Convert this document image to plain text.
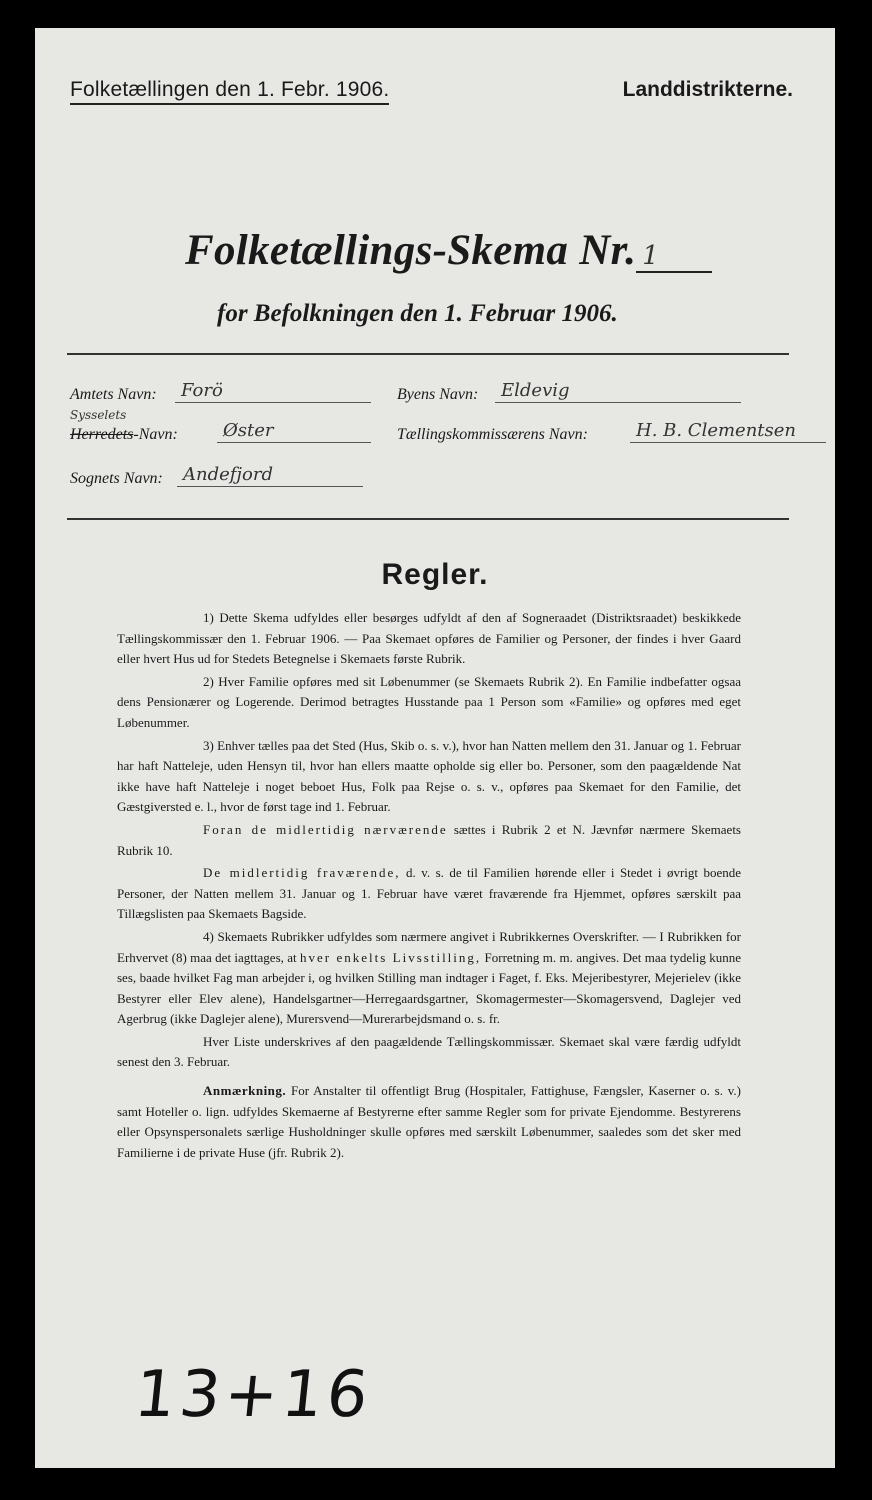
Folketællingen den 1. Febr. 1906.	Landdistrikterne.
Folketællings-Skema Nr. 1
for Befolkningen den 1. Februar 1906.
Amtets Navn:	Forö	Byens Navn:	Eldevig
Sysselets
Herredets-Navn:	Øster	Tællingskommissærens Navn:	H. B. Clementsen
Sognets Navn:	Andefjord
Regler.

1) Dette Skema udfyldes eller besørges udfyldt af den af Sogneraadet (Distriktsraadet) beskikkede Tællingskommissær den 1. Februar 1906. — Paa Skemaet opføres de Familier og Personer, der findes i hver Gaard eller hvert Hus ud for Stedets Betegnelse i Skemaets første Rubrik.

2) Hver Familie opføres med sit Løbenummer (se Skemaets Rubrik 2). En Familie indbefatter ogsaa dens Pensionærer og Logerende. Derimod betragtes Husstande paa 1 Person som «Familie» og opføres med eget Løbenummer.

3) Enhver tælles paa det Sted (Hus, Skib o. s. v.), hvor han Natten mellem den 31. Januar og 1. Februar har haft Natteleje, uden Hensyn til, hvor han ellers maatte opholde sig eller bo. Personer, som den paagældende Nat ikke have haft Natteleje i noget beboet Hus, Folk paa Rejse o. s. v., opføres paa Skemaet for den Familie, det Gæstgiversted e. l., hvor de først tage ind 1. Februar.

Foran de midlertidig nærværende sættes i Rubrik 2 et N. Jævnfør nærmere Skemaets Rubrik 10.

De midlertidig fraværende, d. v. s. de til Familien hørende eller i Stedet i øvrigt boende Personer, der Natten mellem 31. Januar og 1. Februar have været fraværende fra Hjemmet, opføres særskilt paa Tillægslisten paa Skemaets Bagside.

4) Skemaets Rubrikker udfyldes som nærmere angivet i Rubrikkernes Overskrifter. — I Rubrikken for Erhvervet (8) maa det iagttages, at hver enkelts Livsstilling, Forretning m. m. angives. Det maa tydelig kunne ses, baade hvilket Fag man arbejder i, og hvilken Stilling man indtager i Faget, f. Eks. Mejeribestyrer, Mejerielev (ikke Bestyrer eller Elev alene), Handelsgartner—Herregaardsgartner, Skomagermester—Skomagersvend, Daglejer ved Agerbrug (ikke Daglejer alene), Murersvend—Murerarbejdsmand o. s. fr.

Hver Liste underskrives af den paagældende Tællingskommissær. Skemaet skal være færdig udfyldt senest den 3. Februar.

Anmærkning. For Anstalter til offentligt Brug (Hospitaler, Fattighuse, Fængsler, Kaserner o. s. v.) samt Hoteller o. lign. udfyldes Skemaerne af Bestyrerne efter samme Regler som for private Ejendomme. Bestyrerens eller Opsynspersonalets særlige Husholdninger skulle opføres med særskilt Løbenummer, saaledes som det sker med Familierne i de private Huse (jfr. Rubrik 2).

13+16
